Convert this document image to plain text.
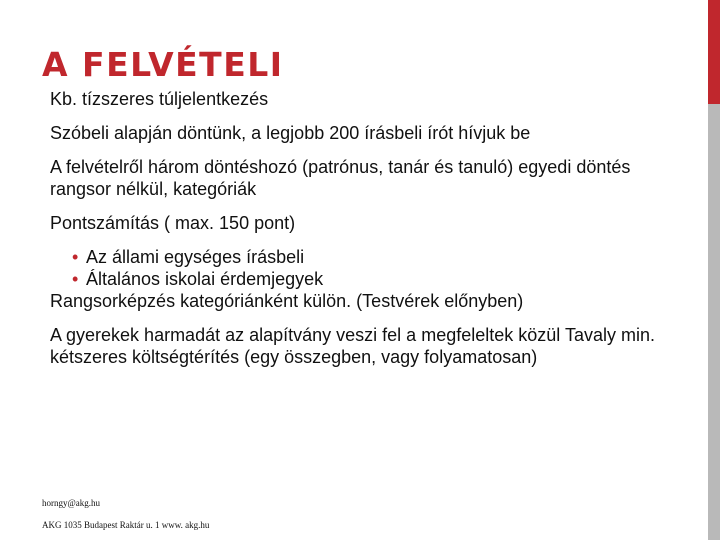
A FELVÉTELI

Kb. tízszeres túljelentkezés

Szóbeli alapján döntünk, a legjobb 200 írásbeli írót hívjuk be

A felvételről három döntéshozó (patrónus, tanár és tanuló) egyedi döntés rangsor nélkül, kategóriák

Pontszámítás ( max. 150 pont)

• Az állami egységes írásbeli
• Általános iskolai érdemjegyek

Rangsorképzés kategóriánként külön. (Testvérek előnyben)

A gyerekek harmadát az alapítvány veszi fel a megfeleltek közül Tavaly min. kétszeres költségtérítés (egy összegben, vagy folyamatosan)

horngy@akg.hu
AKG 1035 Budapest Raktár u. 1 www. akg.hu
